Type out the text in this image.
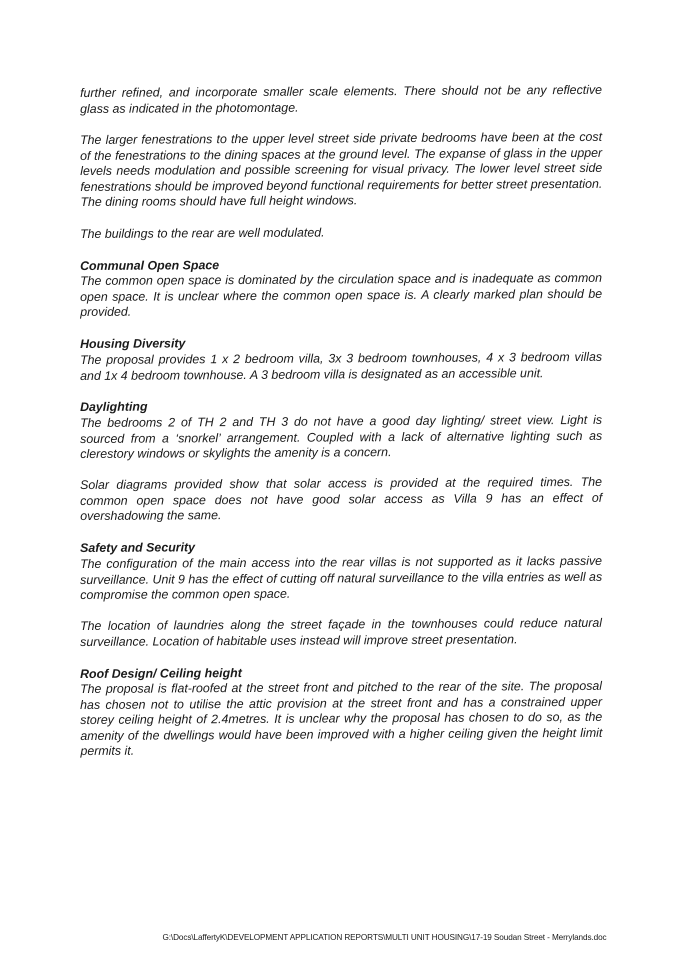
further refined, and incorporate smaller scale elements. There should not be any reflective glass as indicated in the photomontage.

The larger fenestrations to the upper level street side private bedrooms have been at the cost of the fenestrations to the dining spaces at the ground level. The expanse of glass in the upper levels needs modulation and possible screening for visual privacy. The lower level street side fenestrations should be improved beyond functional requirements for better street presentation. The dining rooms should have full height windows.

The buildings to the rear are well modulated.

Communal Open Space

The common open space is dominated by the circulation space and is inadequate as common open space. It is unclear where the common open space is. A clearly marked plan should be provided.

Housing Diversity

The proposal provides 1 x 2 bedroom villa, 3x 3 bedroom townhouses, 4 x 3 bedroom villas and 1x 4 bedroom townhouse. A 3 bedroom villa is designated as an accessible unit.

Daylighting

The bedrooms 2 of TH 2 and TH 3 do not have a good day lighting/ street view. Light is sourced from a ‘snorkel’ arrangement. Coupled with a lack of alternative lighting such as clerestory windows or skylights the amenity is a concern.

Solar diagrams provided show that solar access is provided at the required times. The common open space does not have good solar access as Villa 9 has an effect of overshadowing the same.

Safety and Security

The configuration of the main access into the rear villas is not supported as it lacks passive surveillance. Unit 9 has the effect of cutting off natural surveillance to the villa entries as well as compromise the common open space.

The location of laundries along the street façade in the townhouses could reduce natural surveillance. Location of habitable uses instead will improve street presentation.

Roof Design/ Ceiling height

The proposal is flat-roofed at the street front and pitched to the rear of the site. The proposal has chosen not to utilise the attic provision at the street front and has a constrained upper storey ceiling height of 2.4metres. It is unclear why the proposal has chosen to do so, as the amenity of the dwellings would have been improved with a higher ceiling given the height limit permits it.

G:\Docs\LaffertyK\DEVELOPMENT APPLICATION REPORTS\MULTI UNIT HOUSING\17-19 Soudan Street - Merrylands.doc
